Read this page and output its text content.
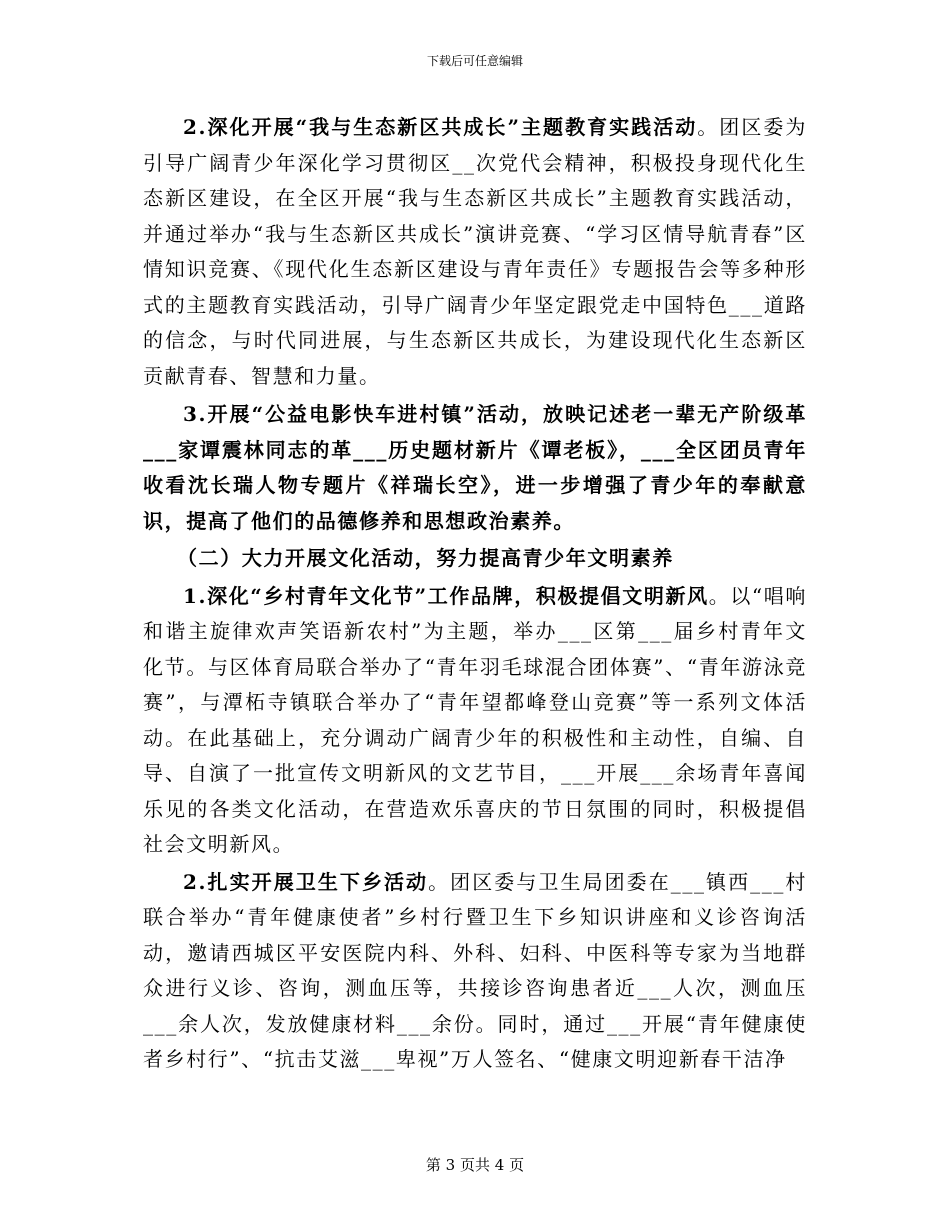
下载后可任意编辑

2.深化开展“我与生态新区共成长”主题教育实践活动。团区委为引导广阔青少年深化学习贯彻区__次党代会精神，积极投身现代化生态新区建设，在全区开展“我与生态新区共成长”主题教育实践活动，并通过举办“我与生态新区共成长”演讲竞赛、“学习区情导航青春”区情知识竞赛、《现代化生态新区建设与青年责任》专题报告会等多种形式的主题教育实践活动，引导广阔青少年坚定跟党走中国特色___道路的信念，与时代同进展，与生态新区共成长，为建设现代化生态新区贡献青春、智慧和力量。

3.开展“公益电影快车进村镇”活动，放映记述老一辈无产阶级革___家谭震林同志的革___历史题材新片《谭老板》，___全区团员青年收看沈长瑞人物专题片《祥瑞长空》，进一步增强了青少年的奉献意识，提高了他们的品德修养和思想政治素养。

（二）大力开展文化活动，努力提高青少年文明素养

1.深化“乡村青年文化节”工作品牌，积极提倡文明新风。以“唱响和谐主旋律欢声笑语新农村”为主题，举办___区第___届乡村青年文化节。与区体育局联合举办了“青年羽毛球混合团体赛”、“青年游泳竞赛”，与潭柘寺镇联合举办了“青年望都峰登山竞赛”等一系列文体活动。在此基础上，充分调动广阔青少年的积极性和主动性，自编、自导、自演了一批宣传文明新风的文艺节目，___开展___余场青年喜闻乐见的各类文化活动，在营造欢乐喜庆的节日氛围的同时，积极提倡社会文明新风。

2.扎实开展卫生下乡活动。团区委与卫生局团委在___镇西___村联合举办“青年健康使者”乡村行暨卫生下乡知识讲座和义诊咨询活动，邀请西城区平安医院内科、外科、妇科、中医科等专家为当地群众进行义诊、咨询，测血压等，共接诊咨询患者近___人次，测血压___余人次，发放健康材料___余份。同时，通过___开展“青年健康使者乡村行”、“抗击艾滋___卑视”万人签名、“健康文明迎新春干洁净

第 3 页共 4 页
